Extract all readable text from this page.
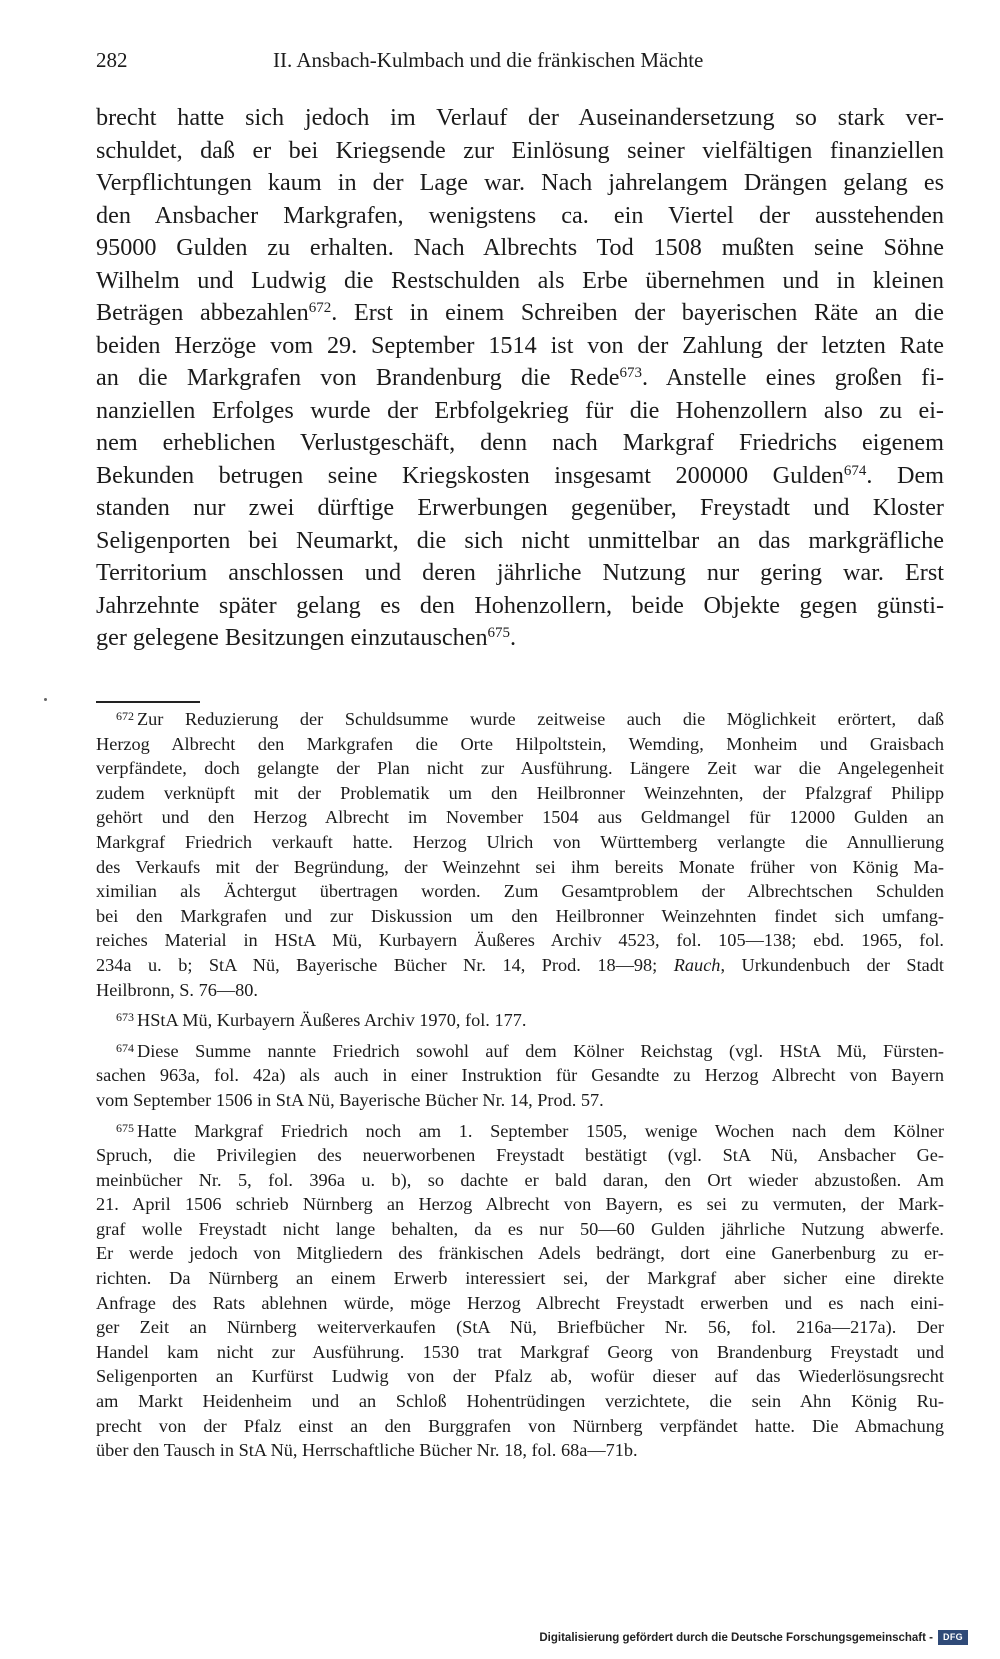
282	II. Ansbach-Kulmbach und die fränkischen Mächte
brecht hatte sich jedoch im Verlauf der Auseinandersetzung so stark ver-
schuldet, daß er bei Kriegsende zur Einlösung seiner vielfältigen finanziellen
Verpflichtungen kaum in der Lage war. Nach jahrelangem Drängen gelang es
den Ansbacher Markgrafen, wenigstens ca. ein Viertel der ausstehenden
95000 Gulden zu erhalten. Nach Albrechts Tod 1508 mußten seine Söhne
Wilhelm und Ludwig die Restschulden als Erbe übernehmen und in kleinen
Beträgen abbezahlen$^{672}$. Erst in einem Schreiben der bayerischen Räte an die
beiden Herzöge vom 29. September 1514 ist von der Zahlung der letzten Rate
an die Markgrafen von Brandenburg die Rede$^{673}$. Anstelle eines großen fi-
nanziellen Erfolges wurde der Erbfolgekrieg für die Hohenzollern also zu ei-
nem erheblichen Verlustgeschäft, denn nach Markgraf Friedrichs eigenem
Bekunden betrugen seine Kriegskosten insgesamt 200000 Gulden$^{674}$. Dem
standen nur zwei dürftige Erwerbungen gegenüber, Freystadt und Kloster
Seligenporten bei Neumarkt, die sich nicht unmittelbar an das markgräfliche
Territorium anschlossen und deren jährliche Nutzung nur gering war. Erst
Jahrzehnte später gelang es den Hohenzollern, beide Objekte gegen günsti-
ger gelegene Besitzungen einzutauschen$^{675}$.
$^{672}$ Zur Reduzierung der Schuldsumme wurde zeitweise auch die Möglichkeit erörtert, daß
Herzog Albrecht den Markgrafen die Orte Hilpoltstein, Wemding, Monheim und Graisbach
verpfändete, doch gelangte der Plan nicht zur Ausführung. Längere Zeit war die Angelegenheit
zudem verknüpft mit der Problematik um den Heilbronner Weinzehnten, der Pfalzgraf Philipp
gehört und den Herzog Albrecht im November 1504 aus Geldmangel für 12000 Gulden an
Markgraf Friedrich verkauft hatte. Herzog Ulrich von Württemberg verlangte die Annullierung
des Verkaufs mit der Begründung, der Weinzehnt sei ihm bereits Monate früher von König Ma-
ximilian als Ächtergut übertragen worden. Zum Gesamtproblem der Albrechtschen Schulden
bei den Markgrafen und zur Diskussion um den Heilbronner Weinzehnten findet sich umfang-
reiches Material in HStA Mü, Kurbayern Äußeres Archiv 4523, fol. 105—138; ebd. 1965, fol.
234a u. b; StA Nü, Bayerische Bücher Nr. 14, Prod. 18—98; Rauch, Urkundenbuch der Stadt
Heilbronn, S. 76—80.
$^{673}$ HStA Mü, Kurbayern Äußeres Archiv 1970, fol. 177.
$^{674}$ Diese Summe nannte Friedrich sowohl auf dem Kölner Reichstag (vgl. HStA Mü, Fürsten-
sachen 963a, fol. 42a) als auch in einer Instruktion für Gesandte zu Herzog Albrecht von Bayern
vom September 1506 in StA Nü, Bayerische Bücher Nr. 14, Prod. 57.
$^{675}$ Hatte Markgraf Friedrich noch am 1. September 1505, wenige Wochen nach dem Kölner
Spruch, die Privilegien des neuerworbenen Freystadt bestätigt (vgl. StA Nü, Ansbacher Ge-
meinbücher Nr. 5, fol. 396a u. b), so dachte er bald daran, den Ort wieder abzustoßen. Am
21. April 1506 schrieb Nürnberg an Herzog Albrecht von Bayern, es sei zu vermuten, der Mark-
graf wolle Freystadt nicht lange behalten, da es nur 50—60 Gulden jährliche Nutzung abwerfe.
Er werde jedoch von Mitgliedern des fränkischen Adels bedrängt, dort eine Ganerbenburg zu er-
richten. Da Nürnberg an einem Erwerb interessiert sei, der Markgraf aber sicher eine direkte
Anfrage des Rats ablehnen würde, möge Herzog Albrecht Freystadt erwerben und es nach eini-
ger Zeit an Nürnberg weiterverkaufen (StA Nü, Briefbücher Nr. 56, fol. 216a—217a). Der
Handel kam nicht zur Ausführung. 1530 trat Markgraf Georg von Brandenburg Freystadt und
Seligenporten an Kurfürst Ludwig von der Pfalz ab, wofür dieser auf das Wiederlösungsrecht
am Markt Heidenheim und an Schloß Hohentrüdingen verzichtete, die sein Ahn König Ru-
precht von der Pfalz einst an den Burggrafen von Nürnberg verpfändet hatte. Die Abmachung
über den Tausch in StA Nü, Herrschaftliche Bücher Nr. 18, fol. 68a—71b.
Digitalisierung gefördert durch die Deutsche Forschungsgemeinschaft -	DFG
